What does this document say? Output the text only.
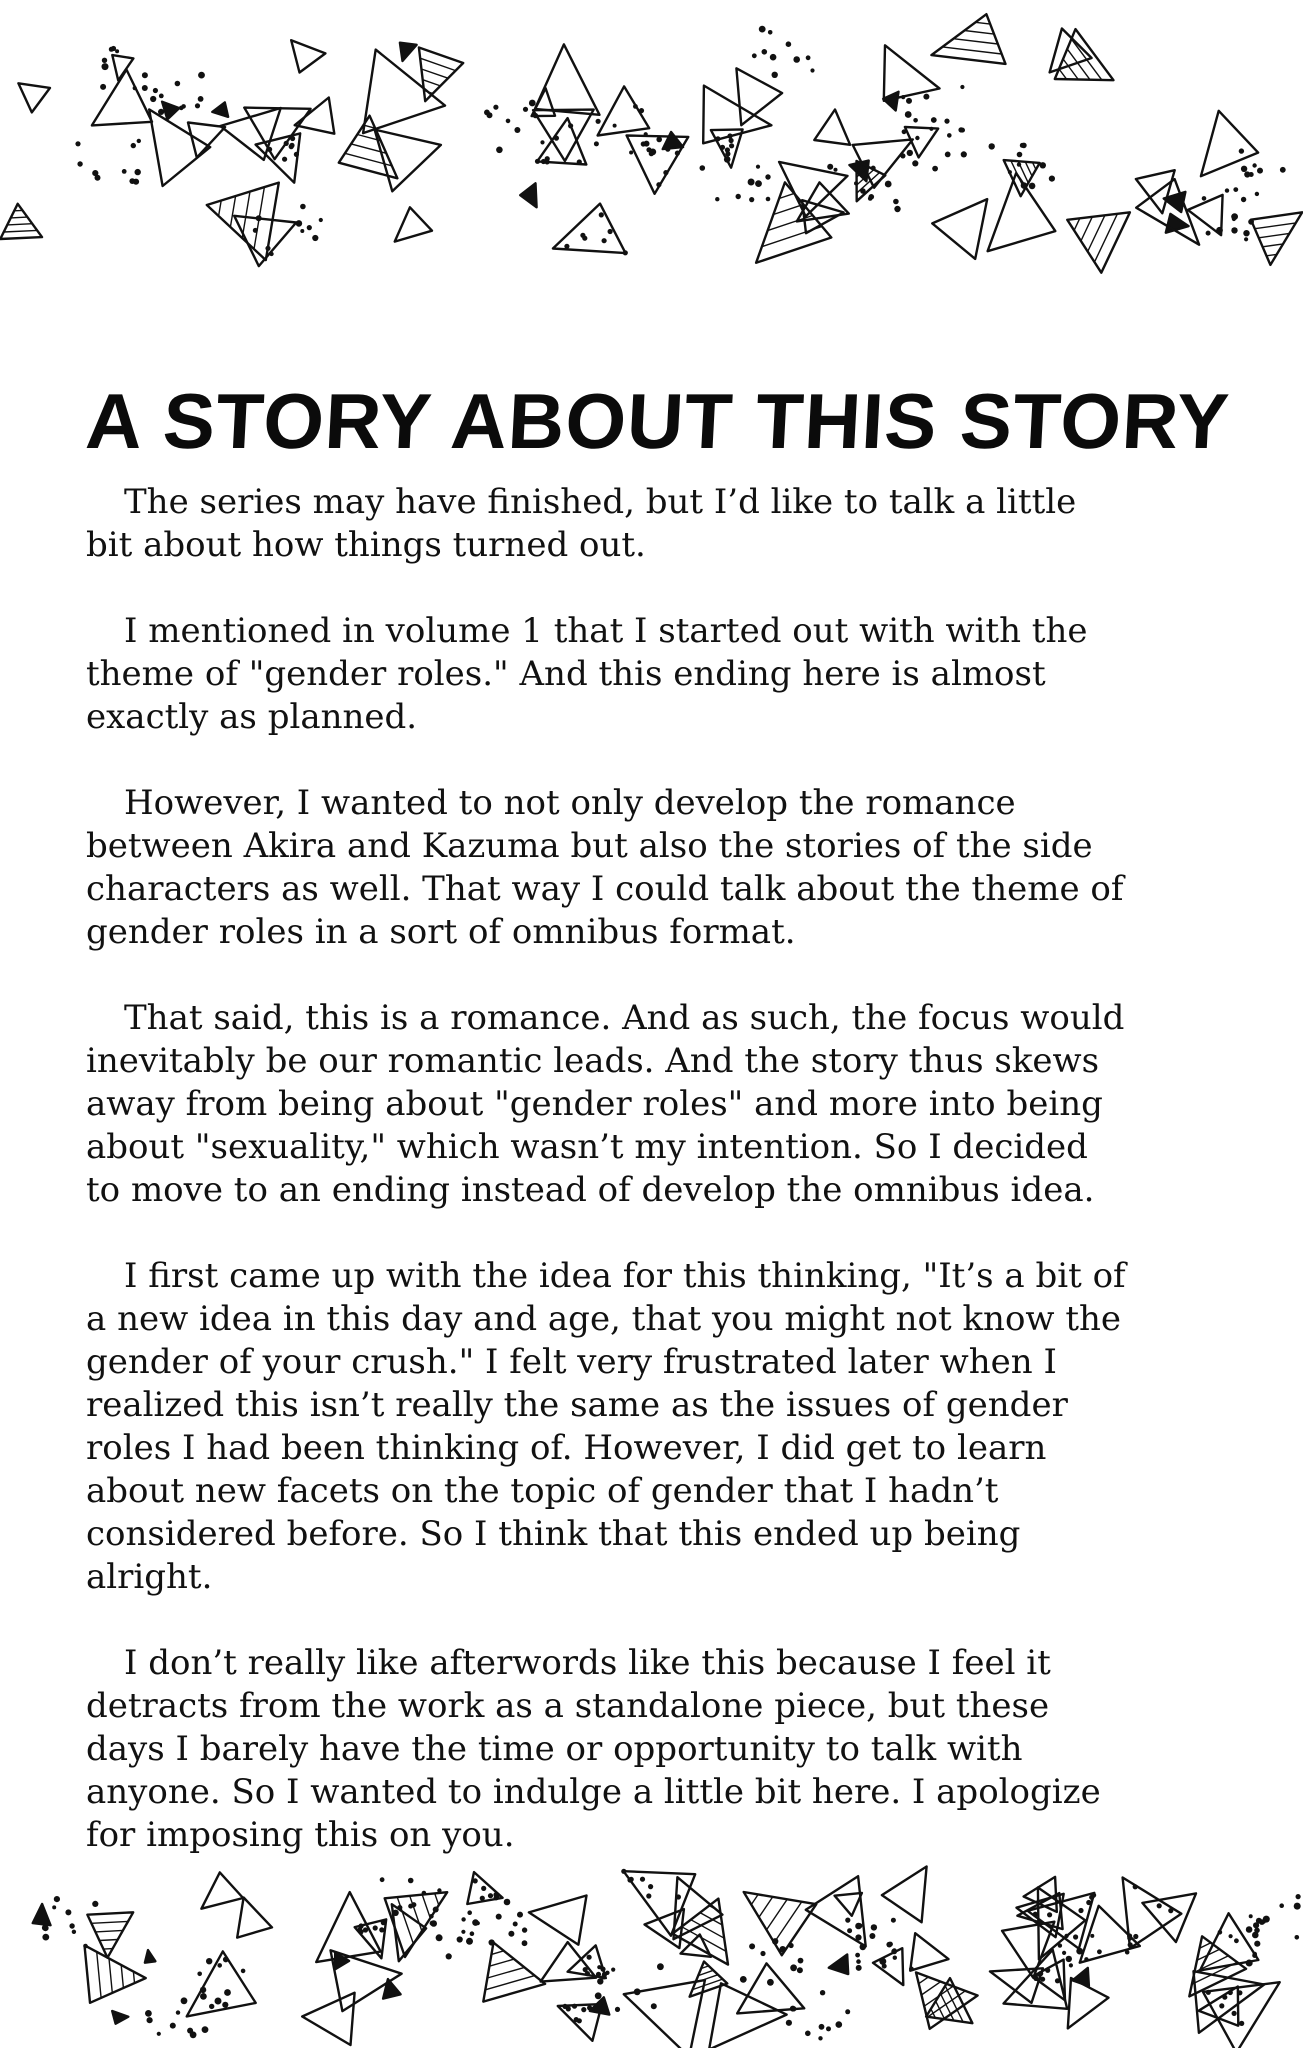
A STORY ABOUT THIS STORY

The series may have finished, but I’d like to talk a little bit about how things turned out.

I mentioned in volume 1 that I started out with with the theme of "gender roles." And this ending here is almost exactly as planned.

However, I wanted to not only develop the romance between Akira and Kazuma but also the stories of the side characters as well. That way I could talk about the theme of gender roles in a sort of omnibus format.

That said, this is a romance. And as such, the focus would inevitably be our romantic leads. And the story thus skews away from being about "gender roles" and more into being about "sexuality," which wasn’t my intention. So I decided to move to an ending instead of develop the omnibus idea.

I first came up with the idea for this thinking, "It’s a bit of a new idea in this day and age, that you might not know the gender of your crush." I felt very frustrated later when I realized this isn’t really the same as the issues of gender roles I had been thinking of. However, I did get to learn about new facets on the topic of gender that I hadn’t considered before. So I think that this ended up being alright.

I don’t really like afterwords like this because I feel it detracts from the work as a standalone piece, but these days I barely have the time or opportunity to talk with anyone. So I wanted to indulge a little bit here. I apologize for imposing this on you.
